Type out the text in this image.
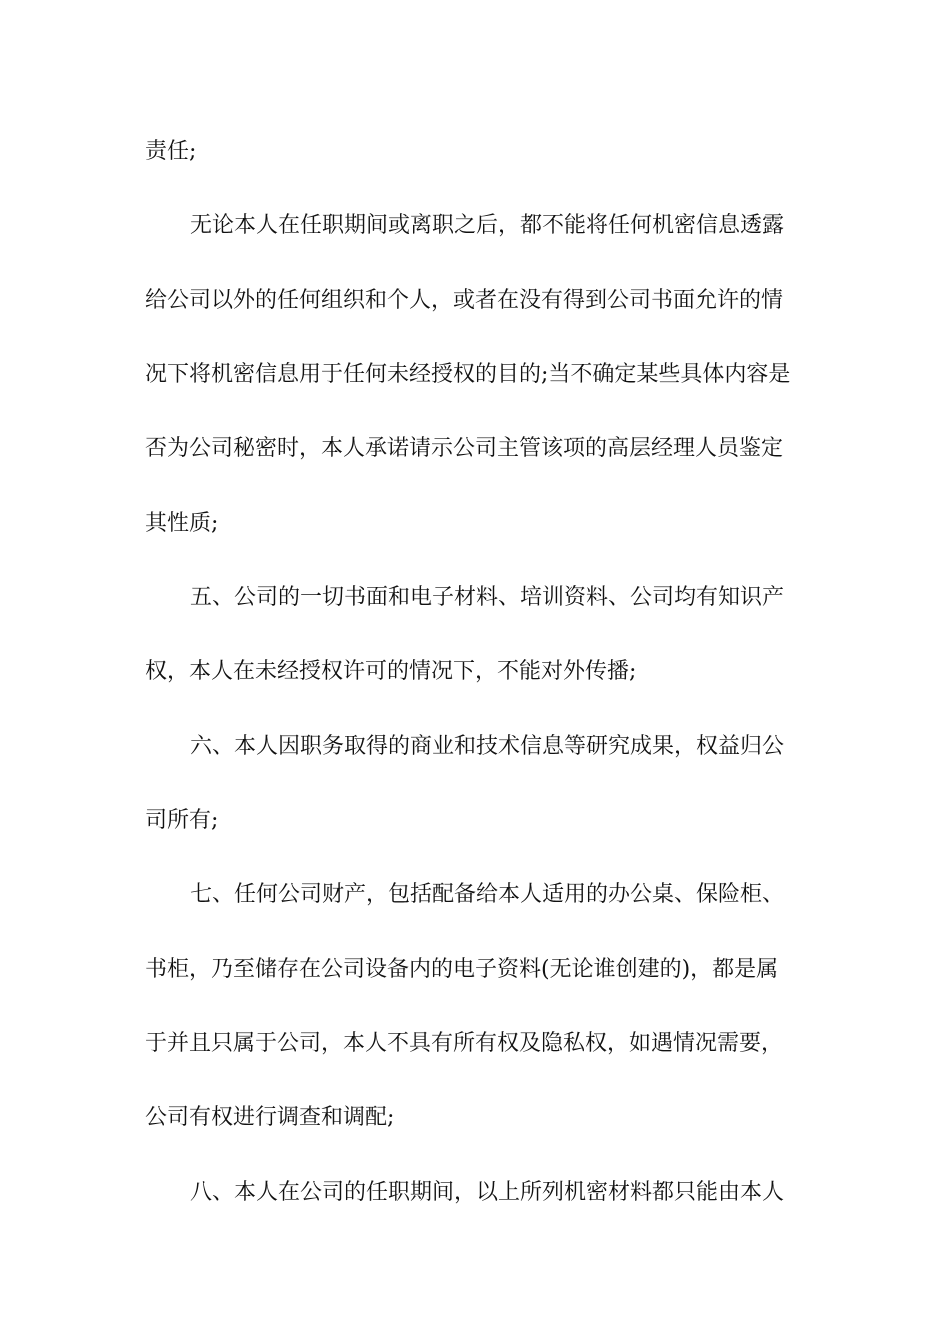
责任;
无论本人在任职期间或离职之后，都不能将任何机密信息透露
给公司以外的任何组织和个人，或者在没有得到公司书面允许的情
况下将机密信息用于任何未经授权的目的;当不确定某些具体内容是
否为公司秘密时，本人承诺请示公司主管该项的高层经理人员鉴定
其性质;
五、公司的一切书面和电子材料、培训资料、公司均有知识产
权，本人在未经授权许可的情况下，不能对外传播;
六、本人因职务取得的商业和技术信息等研究成果，权益归公
司所有;
七、任何公司财产，包括配备给本人适用的办公桌、保险柜、
书柜，乃至储存在公司设备内的电子资料(无论谁创建的)，都是属
于并且只属于公司，本人不具有所有权及隐私权，如遇情况需要，
公司有权进行调查和调配;
八、本人在公司的任职期间，以上所列机密材料都只能由本人
